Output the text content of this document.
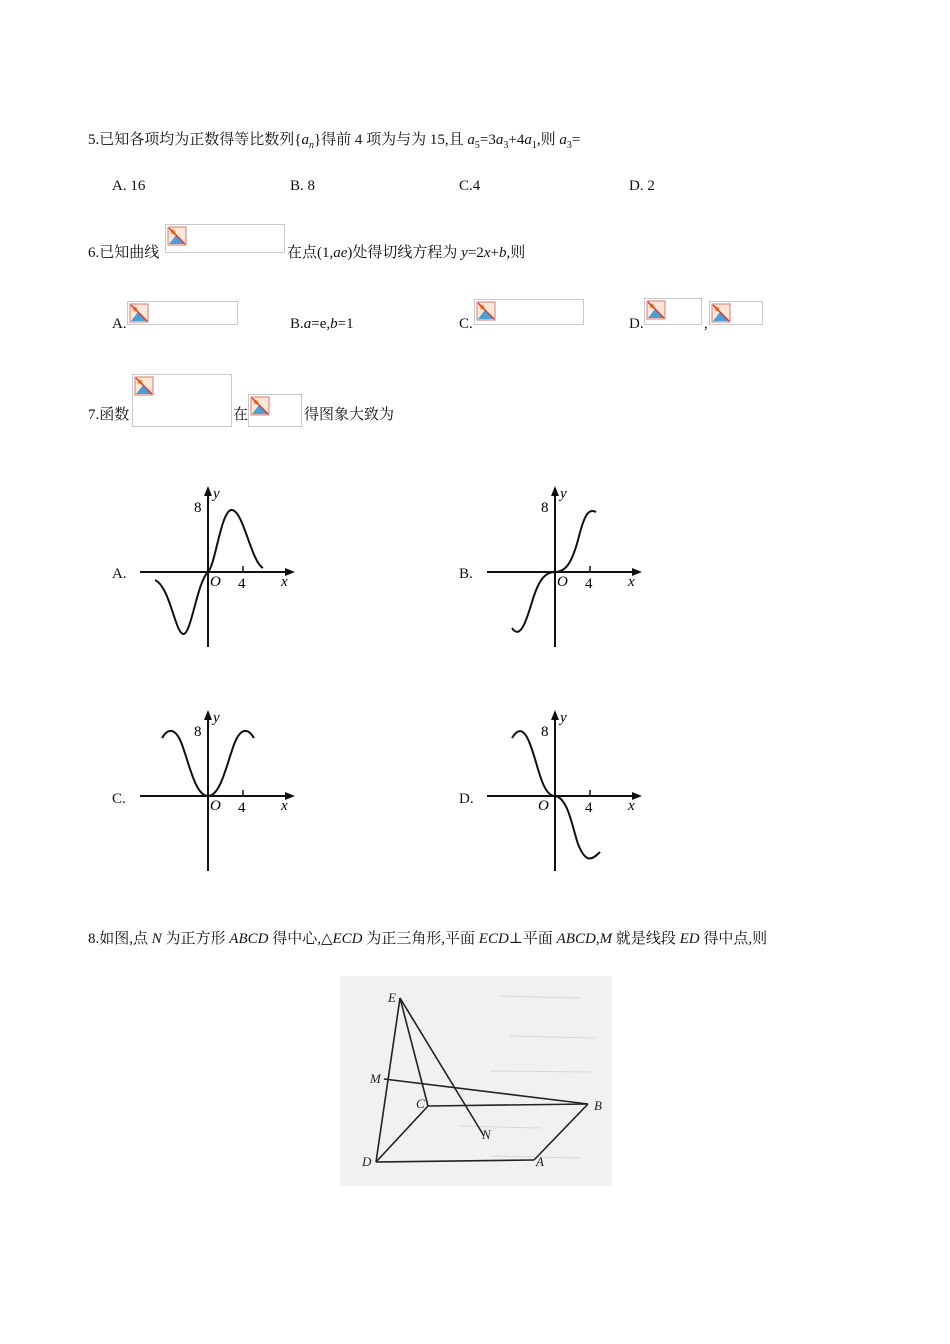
5.已知各项均为正数得等比数列$\{a_n\}$得前 4 项为与为 15,且 $a_5=3a_3+4a_1$,则 $a_3=$
A. 16	B. 8	C.4	D. 2
6.已知曲线	在点(1,ae)处得切线方程为 y=2x+b,则
A.	B.a=e,b=1	C.	D.	,
7.函数	在	得图象大致为
A.	B.
C.	D.
y
8
O 4 x
y
8
O 4 x
y
8
O 4 x
y
8
O 4 x
8.如图,点 N 为正方形 ABCD 得中心,△ECD 为正三角形,平面 ECD⊥平面 ABCD,M 就是线段 ED 得中点,则
E
M
C	B
N
D	A
